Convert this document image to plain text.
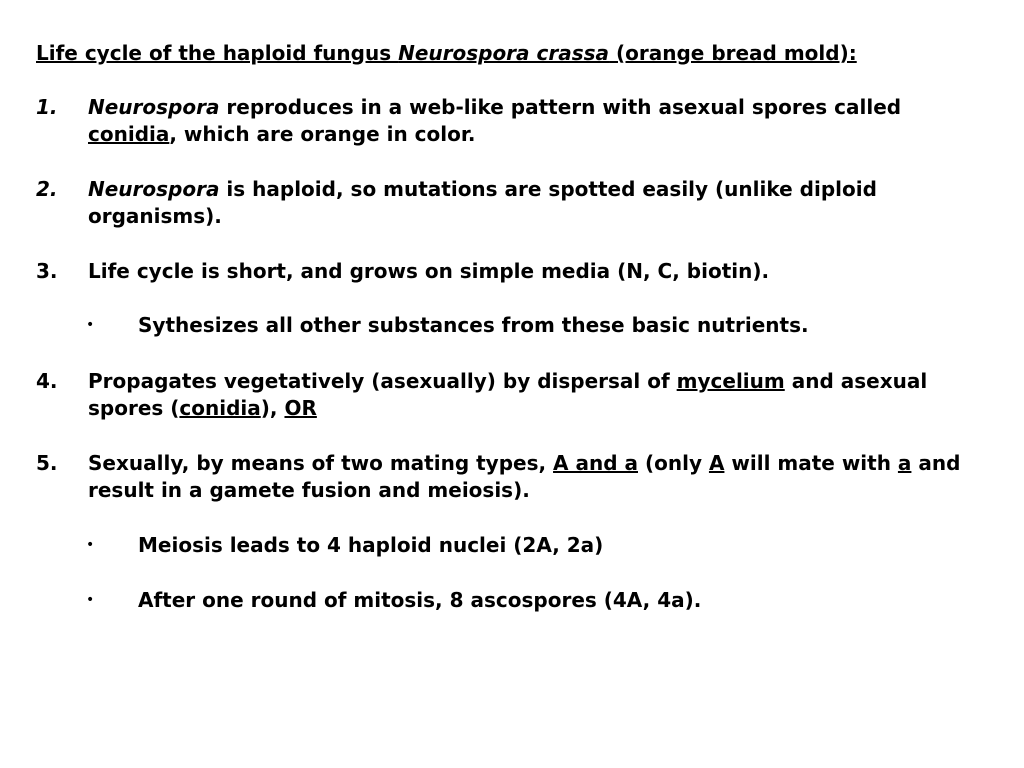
Life cycle of the haploid fungus Neurospora crassa (orange bread mold):
1.	Neurospora reproduces in a web-like pattern with asexual spores called conidia, which are orange in color.
2.	Neurospora is haploid, so mutations are spotted easily (unlike diploid organisms).
3.	Life cycle is short, and grows on simple media (N, C, biotin).
• Sythesizes all other substances from these basic nutrients.
4.	Propagates vegetatively (asexually) by dispersal of mycelium and asexual spores (conidia), OR
5.	Sexually, by means of two mating types, A and a (only A will mate with a and result in a gamete fusion and meiosis).
• Meiosis leads to 4 haploid nuclei (2A, 2a)
• After one round of mitosis, 8 ascospores (4A, 4a).
